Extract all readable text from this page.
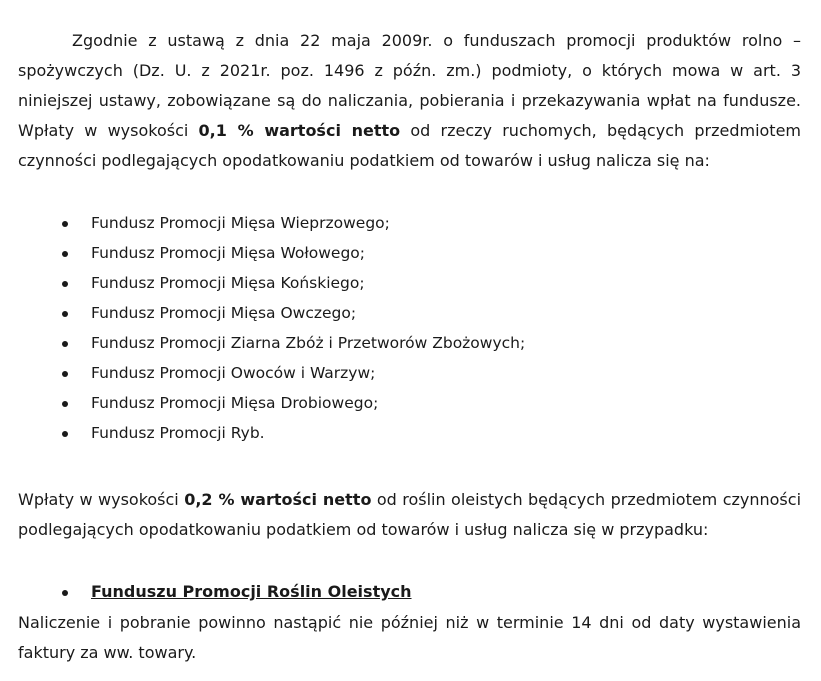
Zgodnie z ustawą z dnia 22 maja 2009r. o funduszach promocji produktów rolno – spożywczych (Dz. U. z 2021r. poz. 1496 z późn. zm.) podmioty, o których mowa w art. 3 niniejszej ustawy, zobowiązane są do naliczania, pobierania i przekazywania wpłat na fundusze. Wpłaty w wysokości 0,1 % wartości netto od rzeczy ruchomych, będących przedmiotem czynności podlegających opodatkowaniu podatkiem od towarów i usług nalicza się na:

Fundusz Promocji Mięsa Wieprzowego;
Fundusz Promocji Mięsa Wołowego;
Fundusz Promocji Mięsa Końskiego;
Fundusz Promocji Mięsa Owczego;
Fundusz Promocji Ziarna Zbóż i Przetworów Zbożowych;
Fundusz Promocji Owoców i Warzyw;
Fundusz Promocji Mięsa Drobiowego;
Fundusz Promocji Ryb.

Wpłaty w wysokości 0,2 % wartości netto od roślin oleistych będących przedmiotem czynności podlegających opodatkowaniu podatkiem od towarów i usług nalicza się w przypadku:

Funduszu Promocji Roślin Oleistych

Naliczenie i pobranie powinno nastąpić nie później niż w terminie 14 dni od daty wystawienia faktury za ww. towary.
